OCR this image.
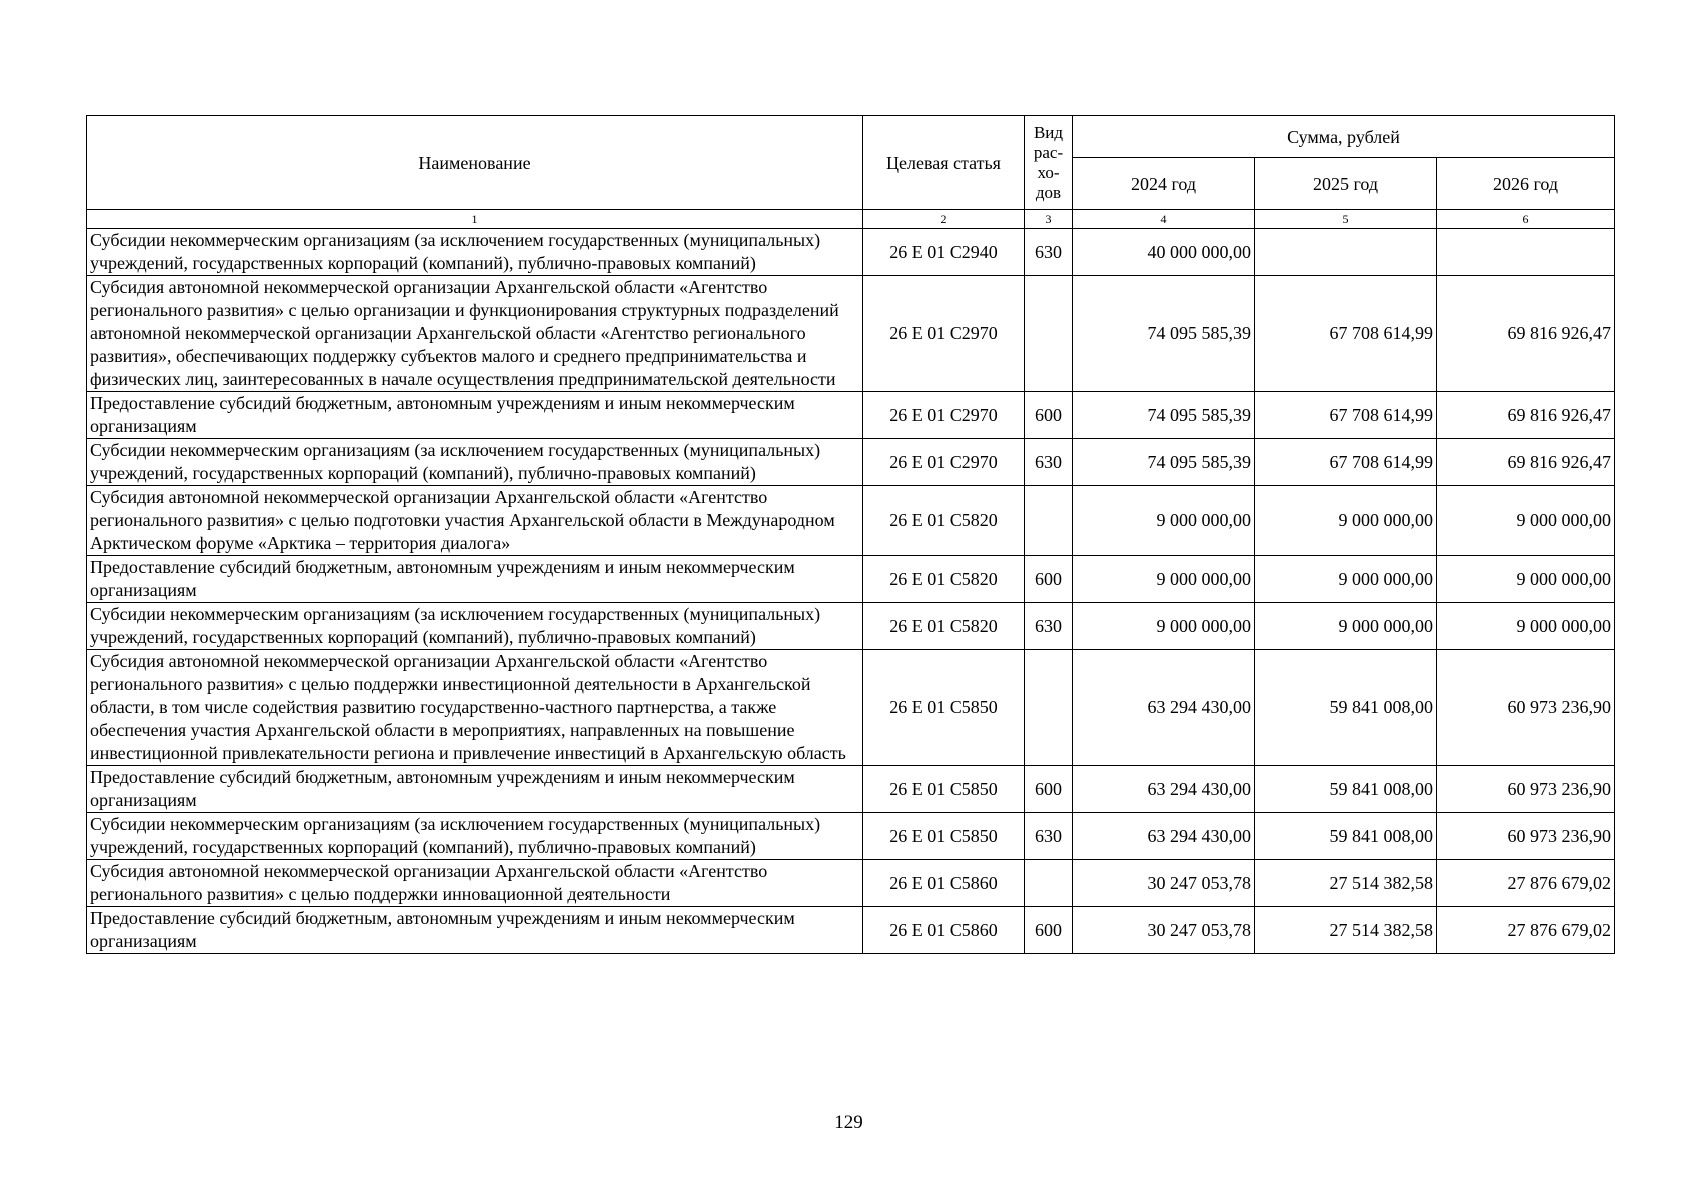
Наименование	Целевая статья	Вид рас- хо- дов	Сумма, рублей		
			2024 год	2025 год	2026 год
1	2	3	4	5	6
Субсидии некоммерческим организациям (за исключением государственных (муниципальных) учреждений, государственных корпораций (компаний), публично-правовых компаний)	26 Е 01 С2940	630	40 000 000,00		
Субсидия автономной некоммерческой организации Архангельской области «Агентство регионального развития» с целью организации и функционирования структурных подразделений автономной некоммерческой организации Архангельской области «Агентство регионального развития», обеспечивающих поддержку субъектов малого и среднего предпринимательства и физических лиц, заинтересованных в начале осуществления предпринимательской деятельности	26 Е 01 С2970		74 095 585,39	67 708 614,99	69 816 926,47
Предоставление субсидий бюджетным, автономным учреждениям и иным некоммерческим организациям	26 Е 01 С2970	600	74 095 585,39	67 708 614,99	69 816 926,47
Субсидии некоммерческим организациям (за исключением государственных (муниципальных) учреждений, государственных корпораций (компаний), публично-правовых компаний)	26 Е 01 С2970	630	74 095 585,39	67 708 614,99	69 816 926,47
Субсидия автономной некоммерческой организации Архангельской области «Агентство регионального развития» с целью подготовки участия Архангельской области в Международном Арктическом форуме «Арктика – территория диалога»	26 Е 01 С5820		9 000 000,00	9 000 000,00	9 000 000,00
Предоставление субсидий бюджетным, автономным учреждениям и иным некоммерческим организациям	26 Е 01 С5820	600	9 000 000,00	9 000 000,00	9 000 000,00
Субсидии некоммерческим организациям (за исключением государственных (муниципальных) учреждений, государственных корпораций (компаний), публично-правовых компаний)	26 Е 01 С5820	630	9 000 000,00	9 000 000,00	9 000 000,00
Субсидия автономной некоммерческой организации Архангельской области «Агентство регионального развития» с целью поддержки инвестиционной деятельности в Архангельской области, в том числе содействия развитию государственно-частного партнерства, а также обеспечения участия Архангельской области в мероприятиях, направленных на повышение инвестиционной привлекательности региона и привлечение инвестиций в Архангельскую область	26 Е 01 С5850		63 294 430,00	59 841 008,00	60 973 236,90
Предоставление субсидий бюджетным, автономным учреждениям и иным некоммерческим организациям	26 Е 01 С5850	600	63 294 430,00	59 841 008,00	60 973 236,90
Субсидии некоммерческим организациям (за исключением государственных (муниципальных) учреждений, государственных корпораций (компаний), публично-правовых компаний)	26 Е 01 С5850	630	63 294 430,00	59 841 008,00	60 973 236,90
Субсидия автономной некоммерческой организации Архангельской области «Агентство регионального развития» с целью поддержки инновационной деятельности	26 Е 01 С5860		30 247 053,78	27 514 382,58	27 876 679,02
Предоставление субсидий бюджетным, автономным учреждениям и иным некоммерческим организациям	26 Е 01 С5860	600	30 247 053,78	27 514 382,58	27 876 679,02
129
